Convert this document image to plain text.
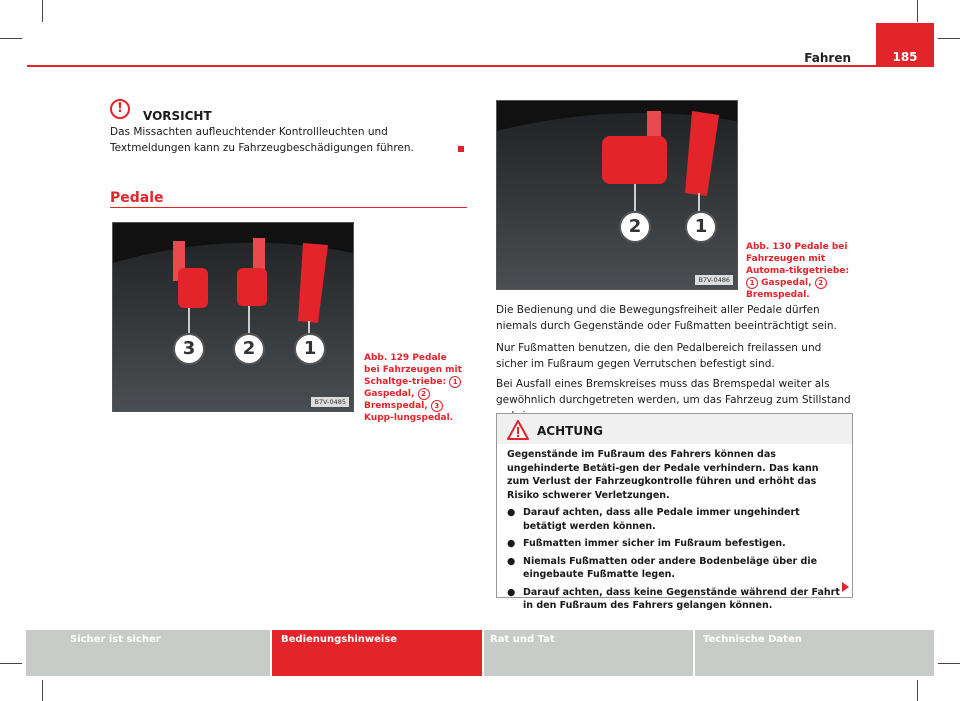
Fahren	185
!	VORSICHT
Das Missachten aufleuchtender Kontrollleuchten und Textmeldungen kann zu Fahrzeugbeschädigungen führen.
Pedale
3	2	1
B7V-0485
Abb. 129 Pedale bei Fahrzeugen mit Schaltge-triebe: 1 Gaspedal, 2 Bremspedal, 3 Kupp-lungspedal.
2	1
B7V-0486
Abb. 130 Pedale bei Fahrzeugen mit Automa-tikgetriebe: 1 Gaspedal, 2 Bremspedal.
Die Bedienung und die Bewegungsfreiheit aller Pedale dürfen niemals durch Gegenstände oder Fußmatten beeinträchtigt sein.
Nur Fußmatten benutzen, die den Pedalbereich freilassen und sicher im Fußraum gegen Verrutschen befestigt sind.
Bei Ausfall eines Bremskreises muss das Bremspedal weiter als gewöhnlich durchgetreten werden, um das Fahrzeug zum Stillstand
ACHTUNG

Gegenstände im Fußraum des Fahrers können das ungehinderte Betäti-gen der Pedale verhindern. Das kann zum Verlust der Fahrzeugkontrolle führen und erhöht das Risiko schwerer Verletzungen.

● Darauf achten, dass alle Pedale immer ungehindert betätigt werden können.

● Fußmatten immer sicher im Fußraum befestigen.

● Niemals Fußmatten oder andere Bodenbeläge über die eingebaute Fußmatte legen.

● Darauf achten, dass keine Gegenstände während der Fahrt in den Fußraum des Fahrers gelangen können.

Sicher ist sicher	Bedienungshinweise	Rat und Tat	Technische Daten
